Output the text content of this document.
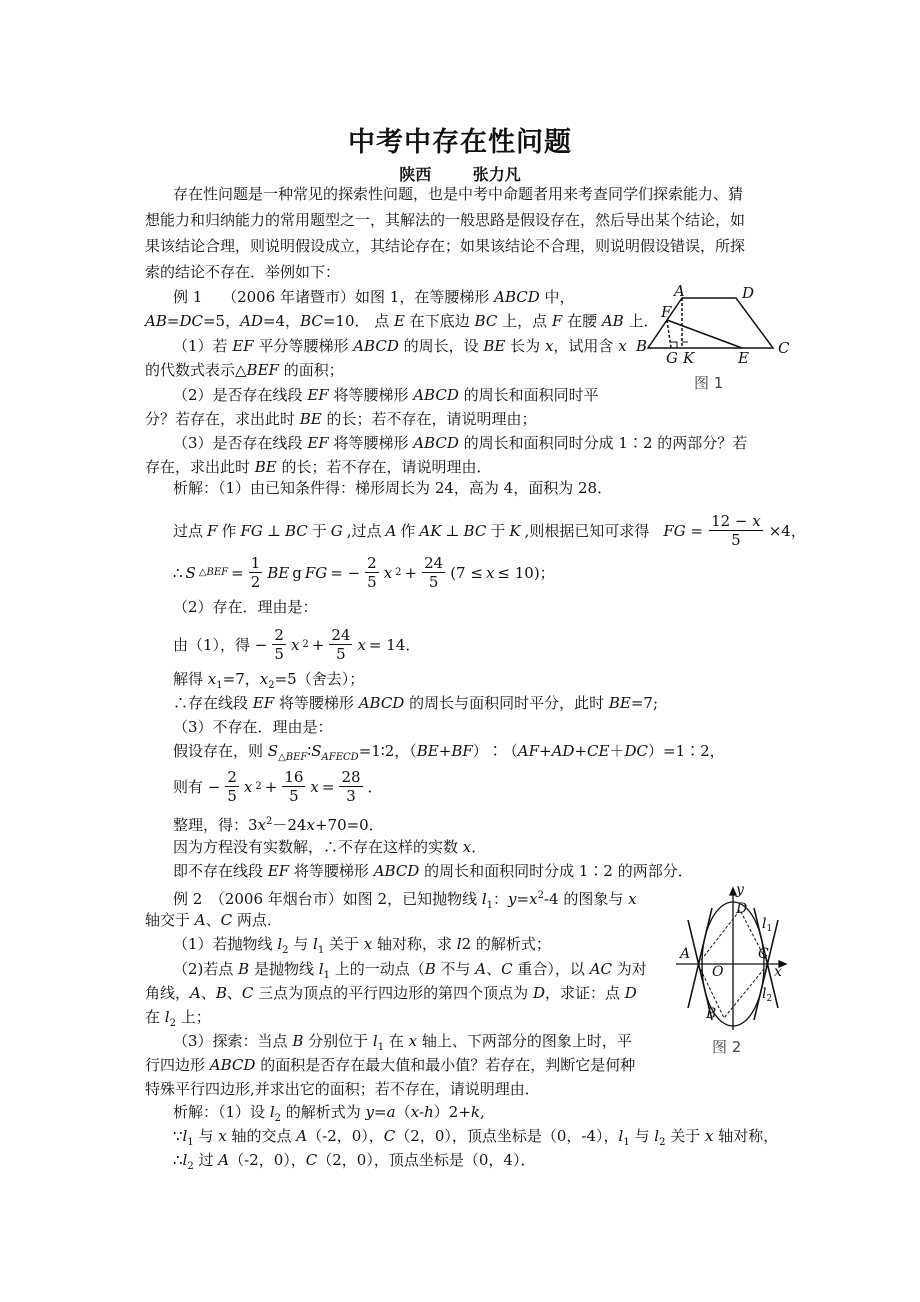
中考中存在性问题
陕西	张力凡
存在性问题是一种常见的探索性问题，也是中考中命题者用来考查同学们探索能力、猜
想能力和归纳能力的常用题型之一，其解法的一般思路是假设存在，然后导出某个结论，如
果该结论合理，则说明假设成立，其结论存在；如果该结论不合理，则说明假设错误，所探
索的结论不存在．举例如下：
例 1　 （2006 年诸暨市）如图 1，在等腰梯形 ABCD 中，
AB=DC=5，AD=4，BC=10． 点 E 在下底边 BC 上，点 F 在腰 AB 上．
（1）若 EF 平分等腰梯形 ABCD 的周长，设 BE 长为 x，试用含 x
的代数式表示△BEF 的面积；
（2）是否存在线段 EF 将等腰梯形 ABCD 的周长和面积同时平
分？若存在，求出此时 BE 的长；若不存在，请说明理由；
（3）是否存在线段 EF 将等腰梯形 ABCD 的周长和面积同时分成 1∶2 的两部分？若
存在，求出此时 BE 的长；若不存在，请说明理由．
A	D
F
B
G K	E
C
图 1
析解：（1）由已知条件得：梯形周长为 24，高为 4，面积为 28．
过点 F 作 FG ⊥ BC 于 G ,过点 A 作 AK ⊥ BC 于 K ,则根据已知可求得 FG = $\frac{12 - x}{5} \times 4$，
∴ S △BEF = $\frac{1}{2}$ BE g FG = − $\frac{2}{5}$ x $2 + \frac{24}{5} (7 \le x \le 10)$；
（2）存在．理由是：
由（1），得 − $\frac{2}{5}$ x $2 + \frac{24}{5}$ x = 14．
解得 $x_1=7$，$x_2=5$（舍去）；
∴存在线段 EF 将等腰梯形 ABCD 的周长与面积同时平分，此时 BE=7;
（3）不存在．理由是：
假设存在，则 $S_{\triangle BEF}∶S_{AFECD}=1∶2$，（BE+BF）∶（AF+AD+CE＋DC）=1∶2，
则有 − $\frac{2}{5}$ x $2 + \frac{16}{5}$ $x = \frac{28}{3}$ ．
整理，得：$3x^2-24x+70=0$．
因为方程没有实数解，∴不存在这样的实数 x．
即不存在线段 EF 将等腰梯形 ABCD 的周长和面积同时分成 1∶2 的两部分．
例 2　（2006 年烟台市）如图 2，已知抛物线 $l_1$：$y=x^2-4$ 的图象与 x
轴交于 A、C 两点．
（1）若抛物线 $l_2$ 与 $l_1$ 关于 x 轴对称，求 l2 的解析式；
（2)若点 B 是抛物线 $l_1$ 上的一动点（B 不与 A、C 重合），以 AC 为对
角线，A、B、C 三点为顶点的平行四边形的第四个顶点为 D，求证：点 D
在 $l_2$ 上；
（3）探索：当点 B 分别位于 $l_1$ 在 x 轴上、下两部分的图象上时，平
行四边形 ABCD 的面积是否存在最大值和最小值？若存在，判断它是何种
特殊平行四边形,并求出它的面积；若不存在，请说明理由．
y
x
D
A
O
C
B
$l_1$
$l_2$
图 2
析解：（1）设 $l_2$ 的解析式为 y=a（x-h）2+k,
$\because l_1$ 与 x 轴的交点 A（-2，0），C（2，0），顶点坐标是（0，-4），$l_1$ 与 $l_2$ 关于 x 轴对称，
$\therefore l_2$ 过 A（-2，0），C（2，0），顶点坐标是（0，4）．
